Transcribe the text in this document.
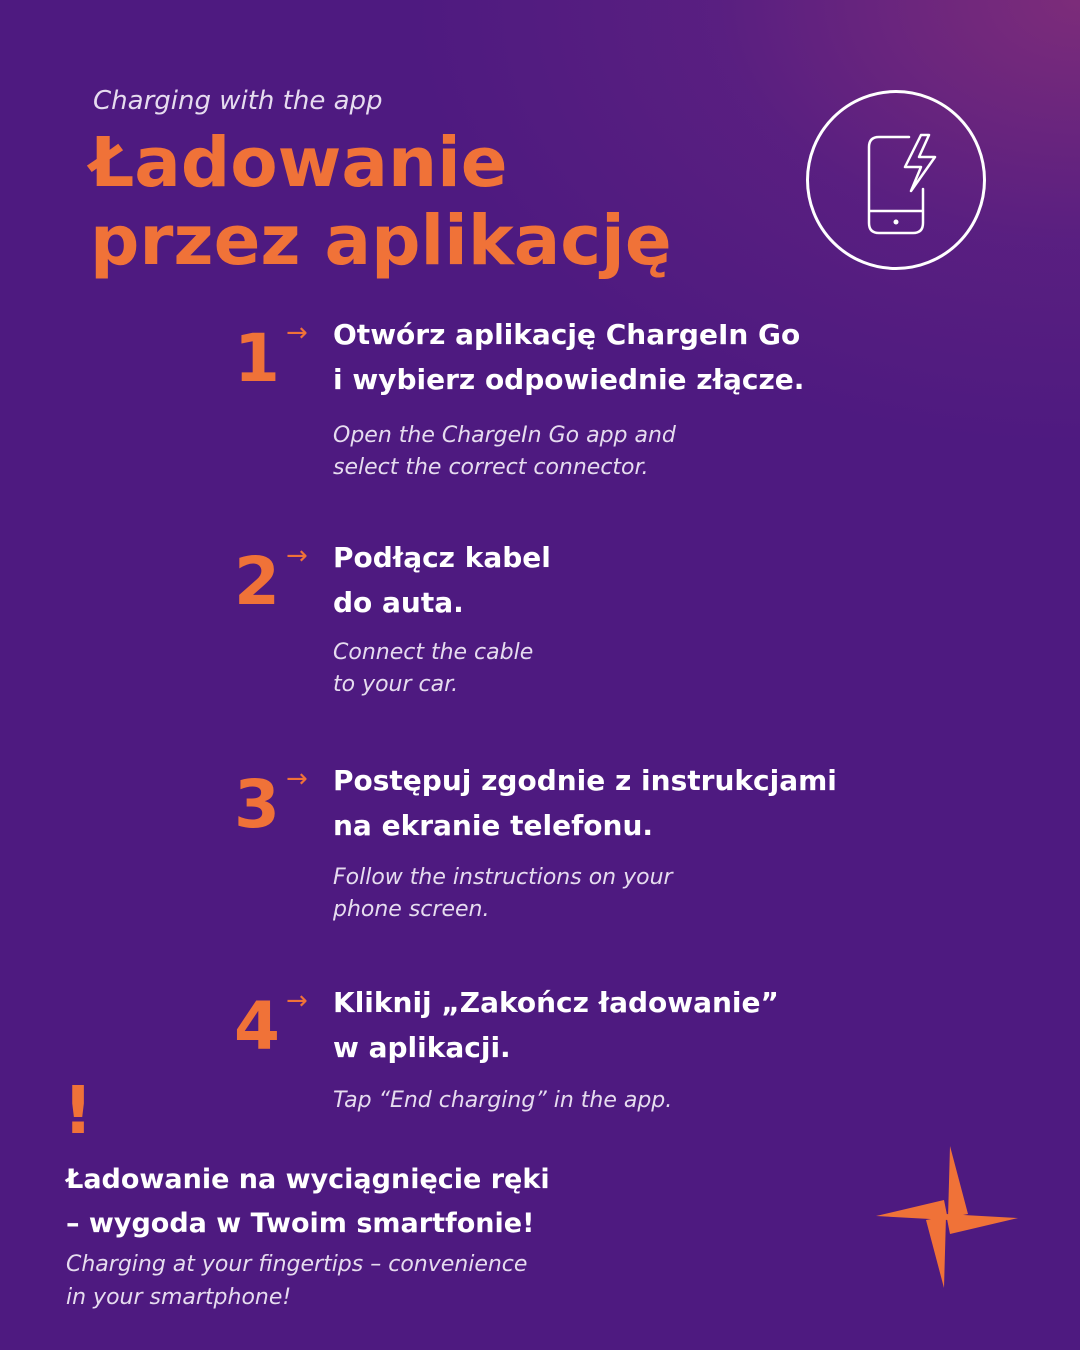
Charging with the app
Ładowanie
przez aplikację
1 → Otwórz aplikację ChargeIn Go
i wybierz odpowiednie złącze.
Open the ChargeIn Go app and
select the correct connector.
2 → Podłącz kabel
do auta.
Connect the cable
to your car.
3 → Postępuj zgodnie z instrukcjami
na ekranie telefonu.
Follow the instructions on your
phone screen.
4 → Kliknij „Zakończ ładowanie”
w aplikacji.
Tap “End charging” in the app.
!
Ładowanie na wyciągnięcie ręki
– wygoda w Twoim smartfonie!
Charging at your fingertips – convenience
in your smartphone!
